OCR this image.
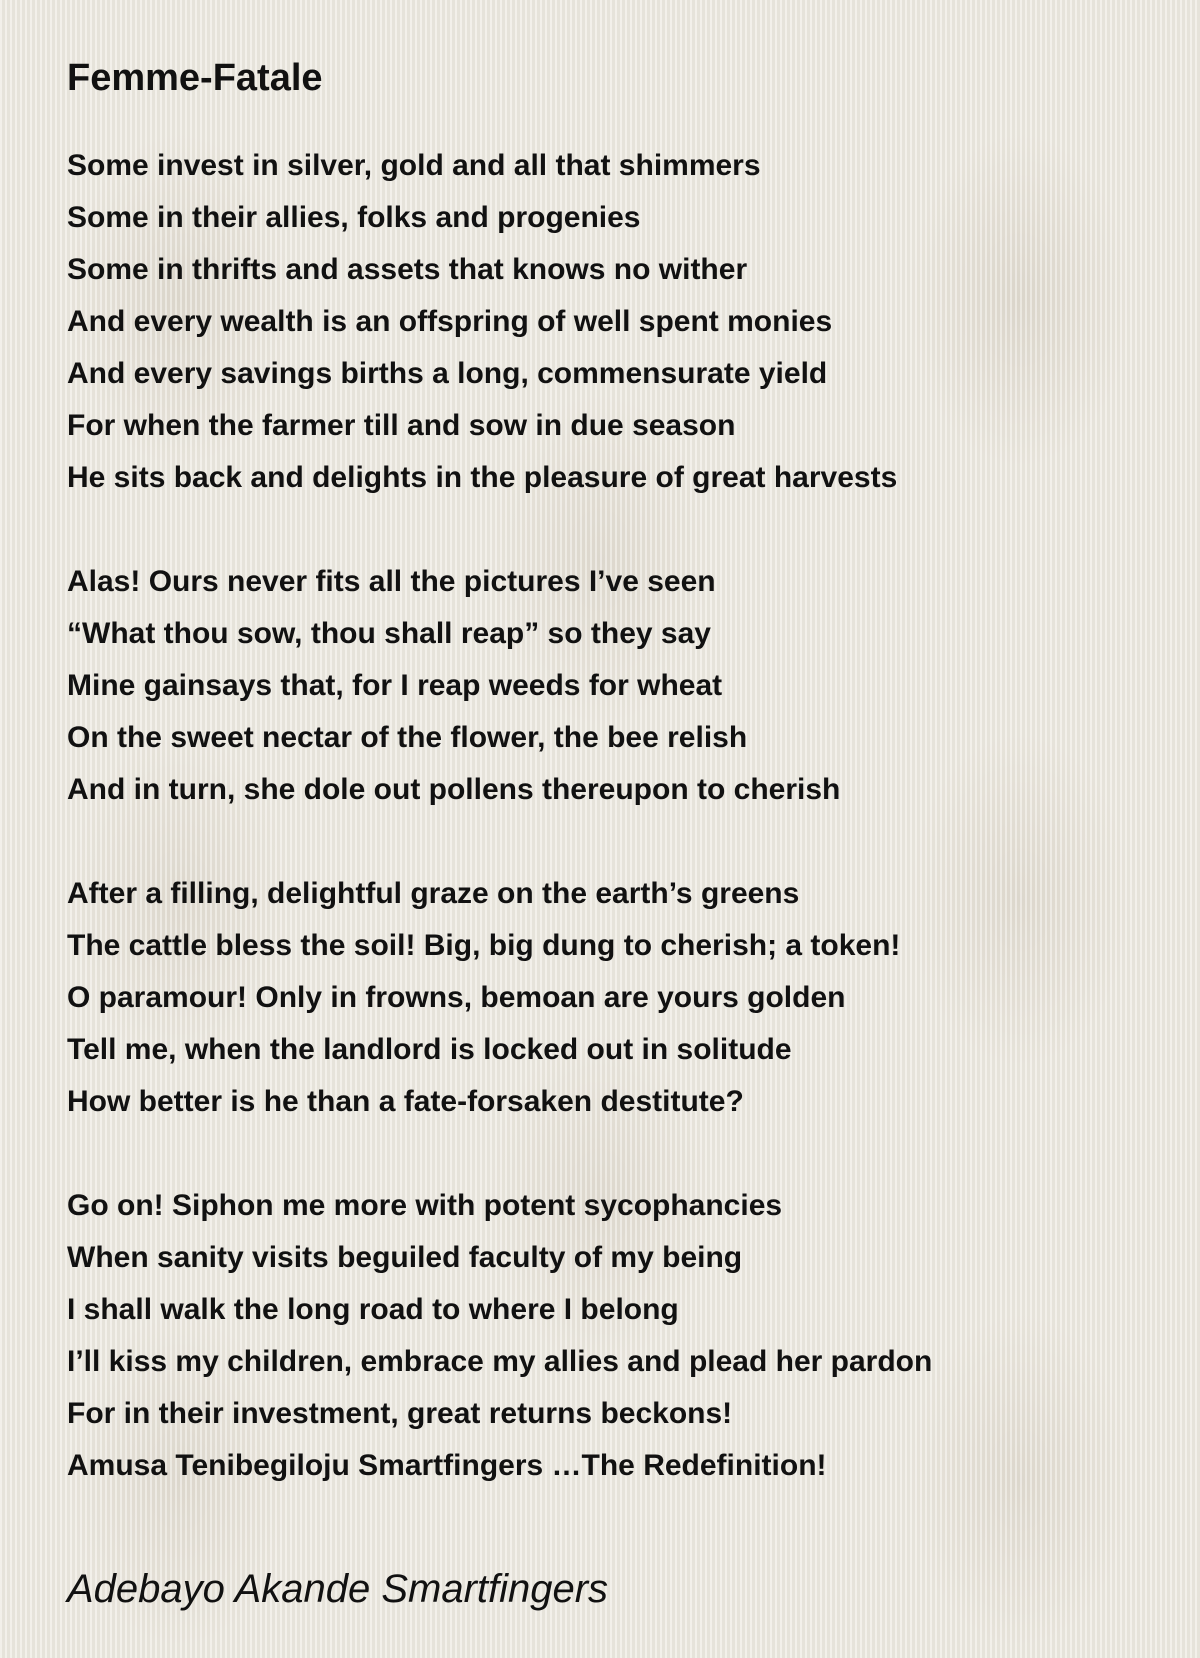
Femme-Fatale
Some invest in silver, gold and all that shimmers
Some in their allies, folks and progenies
Some in thrifts and assets that knows no wither
And every wealth is an offspring of well spent monies
And every savings births a long, commensurate yield
For when the farmer till and sow in due season
He sits back and delights in the pleasure of great harvests
Alas! Ours never fits all the pictures I’ve seen
“What thou sow, thou shall reap” so they say
Mine gainsays that, for I reap weeds for wheat
On the sweet nectar of the flower, the bee relish
And in turn, she dole out pollens thereupon to cherish
After a filling, delightful graze on the earth’s greens
The cattle bless the soil! Big, big dung to cherish; a token!
O paramour! Only in frowns, bemoan are yours golden
Tell me, when the landlord is locked out in solitude
How better is he than a fate-forsaken destitute?
Go on! Siphon me more with potent sycophancies
When sanity visits beguiled faculty of my being
I shall walk the long road to where I belong
I’ll kiss my children, embrace my allies and plead her pardon
For in their investment, great returns beckons!
Amusa Tenibegiloju Smartfingers …The Redefinition!
Adebayo Akande Smartfingers
